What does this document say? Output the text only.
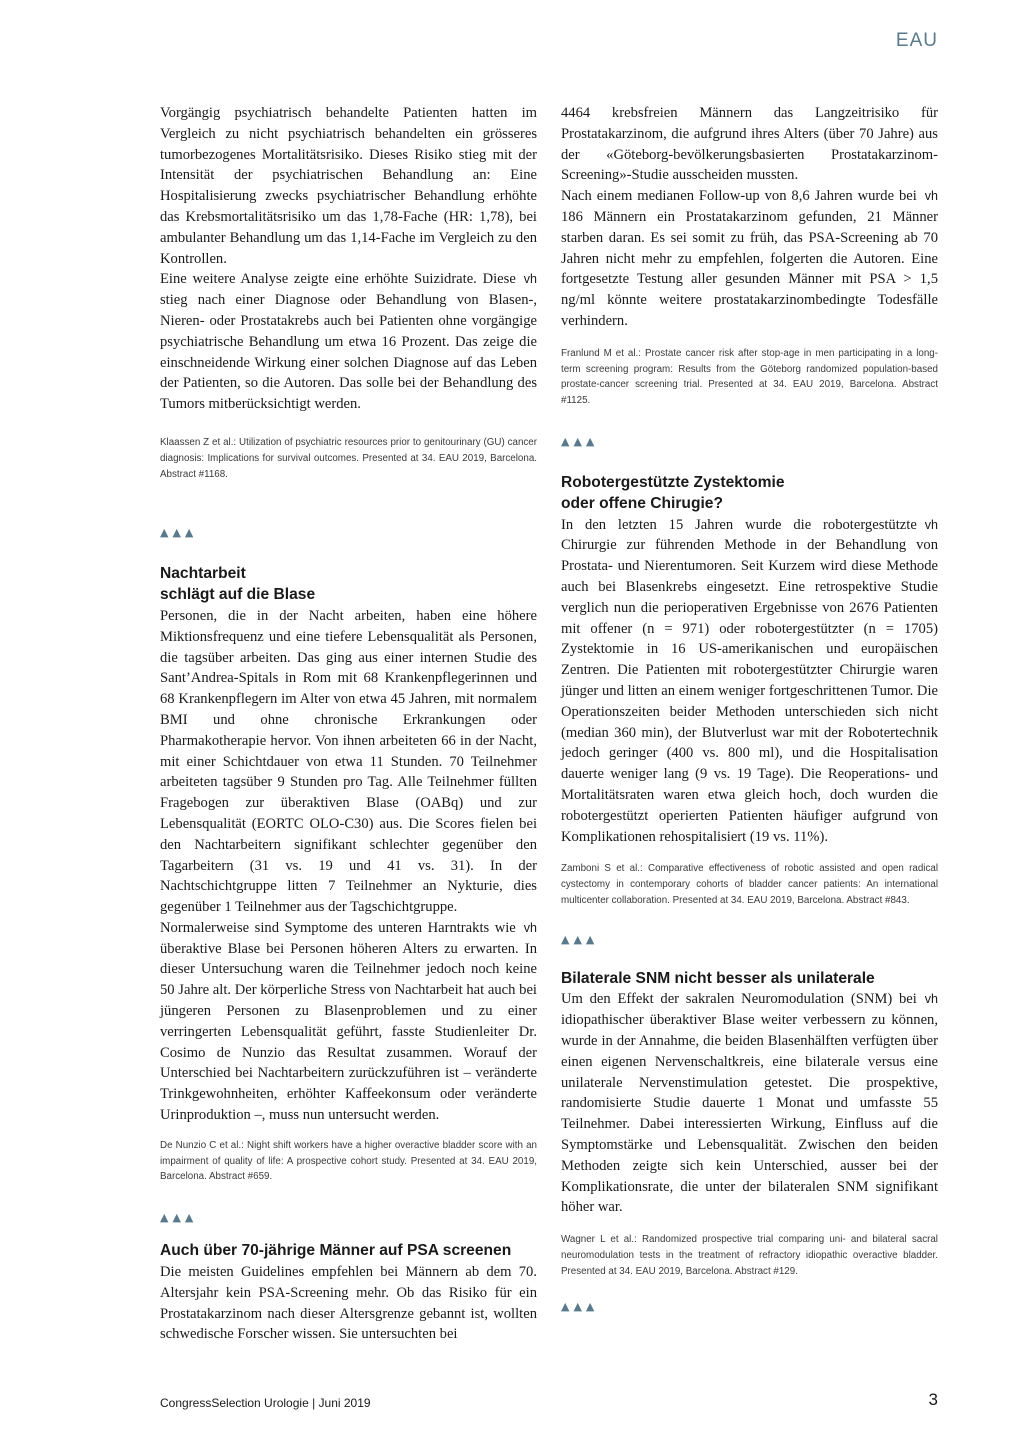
EAU

Vorgängig psychiatrisch behandelte Patienten hatten im Vergleich zu nicht psychiatrisch behandelten ein grösseres tumorbezogenes Mortalitätsrisiko. Dieses Risiko stieg mit der Intensität der psychiatrischen Behandlung an: Eine Hospitalisierung zwecks psychiatrischer Behandlung erhöhte das Krebsmortalitätsrisiko um das 1,78-Fache (HR: 1,78), bei ambulanter Behandlung um das 1,14-Fache im Vergleich zu den Kontrollen.

vh
Eine weitere Analyse zeigte eine erhöhte Suizidrate. Diese stieg nach einer Diagnose oder Behandlung von Blasen-, Nieren- oder Prostatakrebs auch bei Patienten ohne vorgängige psychiatrische Behandlung um etwa 16 Prozent. Das zeige die einschneidende Wirkung einer solchen Diagnose auf das Leben der Patienten, so die Autoren. Das solle bei der Behandlung des Tumors mitberücksichtigt werden.

Klaassen Z et al.: Utilization of psychiatric resources prior to genitourinary (GU) cancer diagnosis: Implications for survival outcomes. Presented at 34. EAU 2019, Barcelona. Abstract #1168.

▲▲▲

Nachtarbeit

schlägt auf die Blase

Personen, die in der Nacht arbeiten, haben eine höhere Miktionsfrequenz und eine tiefere Lebensqualität als Personen, die tagsüber arbeiten. Das ging aus einer internen Studie des Sant’Andrea-Spitals in Rom mit 68 Krankenpflegerinnen und 68 Krankenpflegern im Alter von etwa 45 Jahren, mit normalem BMI und ohne chronische Erkrankungen oder Pharmakotherapie hervor. Von ihnen arbeiteten 66 in der Nacht, mit einer Schichtdauer von etwa 11 Stunden. 70 Teilnehmer arbeiteten tagsüber 9 Stunden pro Tag. Alle Teilnehmer füllten Fragebogen zur überaktiven Blase (OABq) und zur Lebensqualität (EORTC OLO-C30) aus. Die Scores fielen bei den Nachtarbeitern signifikant schlechter gegenüber den Tagarbeitern (31 vs. 19 und 41 vs. 31). In der Nachtschichtgruppe litten 7 Teilnehmer an Nykturie, dies gegenüber 1 Teilnehmer aus der Tagschichtgruppe.

vh
Normalerweise sind Symptome des unteren Harntrakts wie überaktive Blase bei Personen höheren Alters zu erwarten. In dieser Untersuchung waren die Teilnehmer jedoch noch keine 50 Jahre alt. Der körperliche Stress von Nachtarbeit hat auch bei jüngeren Personen zu Blasenproblemen und zu einer verringerten Lebensqualität geführt, fasste Studienleiter Dr. Cosimo de Nunzio das Resultat zusammen. Worauf der Unterschied bei Nachtarbeitern zurückzuführen ist – veränderte Trinkgewohnheiten, erhöhter Kaffeekonsum oder veränderte Urinproduktion –, muss nun untersucht werden.

De Nunzio C et al.: Night shift workers have a higher overactive bladder score with an impairment of quality of life: A prospective cohort study. Presented at 34. EAU 2019, Barcelona. Abstract #659.

▲▲▲

Auch über 70-jährige Männer auf PSA screenen

Die meisten Guidelines empfehlen bei Männern ab dem 70. Altersjahr kein PSA-Screening mehr. Ob das Risiko für ein Prostatakarzinom nach dieser Altersgrenze gebannt ist, wollten schwedische Forscher wissen. Sie untersuchten bei

4464 krebsfreien Männern das Langzeitrisiko für Prostatakarzinom, die aufgrund ihres Alters (über 70 Jahre) aus der «Göteborg-bevölkerungsbasierten Prostatakarzinom-Screening»-Studie ausscheiden mussten.

vh
Nach einem medianen Follow-up von 8,6 Jahren wurde bei 186 Männern ein Prostatakarzinom gefunden, 21 Männer starben daran. Es sei somit zu früh, das PSA-Screening ab 70 Jahren nicht mehr zu empfehlen, folgerten die Autoren. Eine fortgesetzte Testung aller gesunden Männer mit PSA > 1,5 ng/ml könnte weitere prostatakarzinombedingte Todesfälle verhindern.

Franlund M et al.: Prostate cancer risk after stop-age in men participating in a long-term screening program: Results from the Göteborg randomized population-based prostate-cancer screening trial. Presented at 34. EAU 2019, Barcelona. Abstract #1125.

▲▲▲

Robotergestützte Zystektomie

oder offene Chirugie?

vh
In den letzten 15 Jahren wurde die robotergestützte Chirurgie zur führenden Methode in der Behandlung von Prostata- und Nierentumoren. Seit Kurzem wird diese Methode auch bei Blasenkrebs eingesetzt. Eine retrospektive Studie verglich nun die perioperativen Ergebnisse von 2676 Patienten mit offener (n = 971) oder robotergestützter (n = 1705) Zystektomie in 16 US-amerikanischen und europäischen Zentren. Die Patienten mit robotergestützter Chirurgie waren jünger und litten an einem weniger fortgeschrittenen Tumor. Die Operationszeiten beider Methoden unterschieden sich nicht (median 360 min), der Blutverlust war mit der Robotertechnik jedoch geringer (400 vs. 800 ml), und die Hospitalisation dauerte weniger lang (9 vs. 19 Tage). Die Reoperations- und Mortalitätsraten waren etwa gleich hoch, doch wurden die robotergestützt operierten Patienten häufiger aufgrund von Komplikationen rehospitalisiert (19 vs. 11%).

Zamboni S et al.: Comparative effectiveness of robotic assisted and open radical cystectomy in contemporary cohorts of bladder cancer patients: An international multicenter collaboration. Presented at 34. EAU 2019, Barcelona. Abstract #843.

▲▲▲

Bilaterale SNM nicht besser als unilaterale

vh
Um den Effekt der sakralen Neuromodulation (SNM) bei idiopathischer überaktiver Blase weiter verbessern zu können, wurde in der Annahme, die beiden Blasenhälften verfügten über einen eigenen Nervenschaltkreis, eine bilaterale versus eine unilaterale Nervenstimulation getestet. Die prospektive, randomisierte Studie dauerte 1 Monat und umfasste 55 Teilnehmer. Dabei interessierten Wirkung, Einfluss auf die Symptomstärke und Lebensqualität. Zwischen den beiden Methoden zeigte sich kein Unterschied, ausser bei der Komplikationsrate, die unter der bilateralen SNM signifikant höher war.

Wagner L et al.: Randomized prospective trial comparing uni- and bilateral sacral neuromodulation tests in the treatment of refractory idiopathic overactive bladder. Presented at 34. EAU 2019, Barcelona. Abstract #129.

▲▲▲

CongressSelection Urologie | Juni 2019	3
